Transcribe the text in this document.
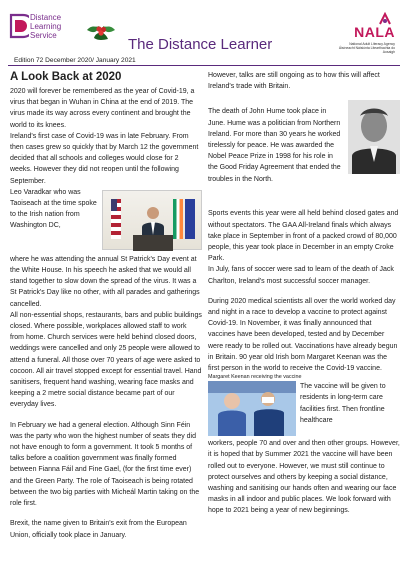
Distance
Learning
Service
The Distance Learner
NALA
National Adult Literacy Agency
Áisíneacht Náisiúnta Litearthachta do Aosaigh
Edition 72 December 2020/ January 2021
A Look Back at 2020

2020 will forever be remembered as the year of Covid-19, a virus that began in Wuhan in China at the end of 2019. The virus made its way across every continent and brought the world to its knees.

Ireland's first case of Covid-19 was in late February. From then cases grew so quickly that by March 12 the government decided that all schools and colleges would close for 2 weeks. However they did not reopen until the following September.

Leo Varadkar who was Taoiseach at the time spoke to the Irish nation from Washington DC,

where he was attending the annual St Patrick's Day event at the White House. In his speech he asked that we would all stand together to slow down the spread of the virus. It was a St Patrick's Day like no other, with all parades and gatherings cancelled.

All non-essential shops, restaurants, bars and public buildings closed. Where possible, workplaces allowed staff to work from home. Church services were held behind closed doors, weddings were cancelled and only 25 people were allowed to attend a funeral. All those over 70 years of age were asked to cocoon. All air travel stopped except for essential travel. Hand sanitisers, frequent hand washing, wearing face masks and keeping a 2 metre social distance became part of our everyday lives.

In February we had a general election. Although Sinn Féin was the party who won the highest number of seats they did not have enough to form a government. It took 5 months of talks before a coalition government was finally formed between Fianna Fáil and Fine Gael, (for the first time ever) and the Green Party. The role of Taoiseach is being rotated between the two big parties with Micheál Martin taking on the role first.

Brexit, the name given to Britain's exit from the European Union, officially took place in January.

However, talks are still ongoing as to how this will affect Ireland's trade with Britain.

The death of John Hume took place in June. Hume was a politician from Northern Ireland. For more than 30 years he worked tirelessly for peace. He was awarded the Nobel Peace Prize in 1998 for his role in the Good Friday Agreement that ended the troubles in the North.

Sports events this year were all held behind closed gates and without spectators. The GAA All-Ireland finals which always take place in September in front of a packed crowd of 80,000 people, this year took place in December in an empty Croke Park.

In July, fans of soccer were sad to learn of the death of Jack Charlton, Ireland's most successful soccer manager.

During 2020 medical scientists all over the world worked day and night in a race to develop a vaccine to protect against Covid-19. In November, it was finally announced that vaccines have been developed, tested and by December were ready to be rolled out. Vaccinations have already begun in Britain. 90 year old Irish born Margaret Keenan was the first person in the world to receive the Covid-19 vaccine.

Margaret Keenan receiving the vaccine

The vaccine will be given to residents in long-term care facilities first. Then frontline healthcare

workers, people 70 and over and then other groups. However, it is hoped that by Summer 2021 the vaccine will have been rolled out to everyone. However, we must still continue to protect ourselves and others by keeping a social distance, washing and sanitising our hands often and wearing our face masks in all indoor and public places. We look forward with hope to 2021 being a year of new beginnings.
